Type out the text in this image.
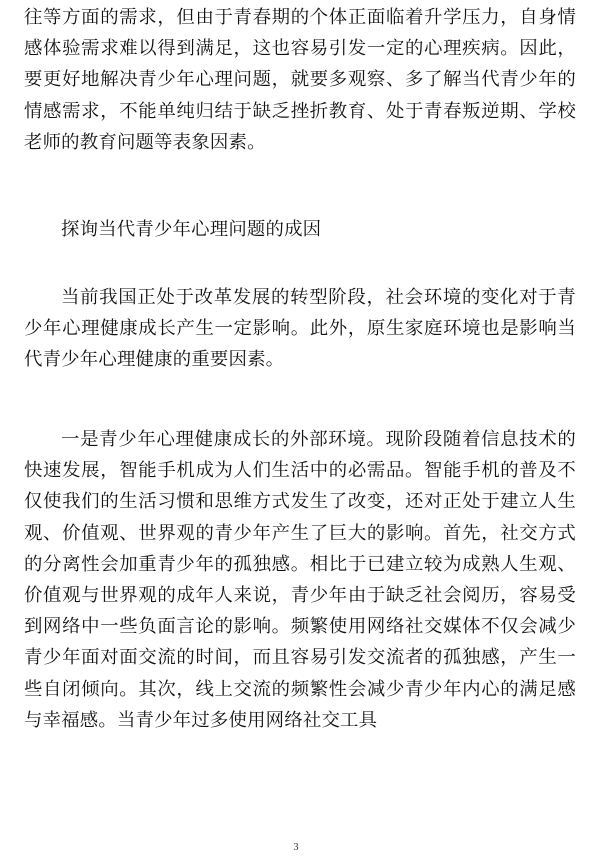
往等方面的需求，但由于青春期的个体正面临着升学压力，自身情感体验需求难以得到满足，这也容易引发一定的心理疾病。因此，要更好地解决青少年心理问题，就要多观察、多了解当代青少年的情感需求，不能单纯归结于缺乏挫折教育、处于青春叛逆期、学校老师的教育问题等表象因素。

探询当代青少年心理问题的成因

当前我国正处于改革发展的转型阶段，社会环境的变化对于青少年心理健康成长产生一定影响。此外，原生家庭环境也是影响当代青少年心理健康的重要因素。

一是青少年心理健康成长的外部环境。现阶段随着信息技术的快速发展，智能手机成为人们生活中的必需品。智能手机的普及不仅使我们的生活习惯和思维方式发生了改变，还对正处于建立人生观、价值观、世界观的青少年产生了巨大的影响。首先，社交方式的分离性会加重青少年的孤独感。相比于已建立较为成熟人生观、价值观与世界观的成年人来说，青少年由于缺乏社会阅历，容易受到网络中一些负面言论的影响。频繁使用网络社交媒体不仅会减少青少年面对面交流的时间，而且容易引发交流者的孤独感，产生一些自闭倾向。其次，线上交流的频繁性会减少青少年内心的满足感与幸福感。当青少年过多使用网络社交工具

3
